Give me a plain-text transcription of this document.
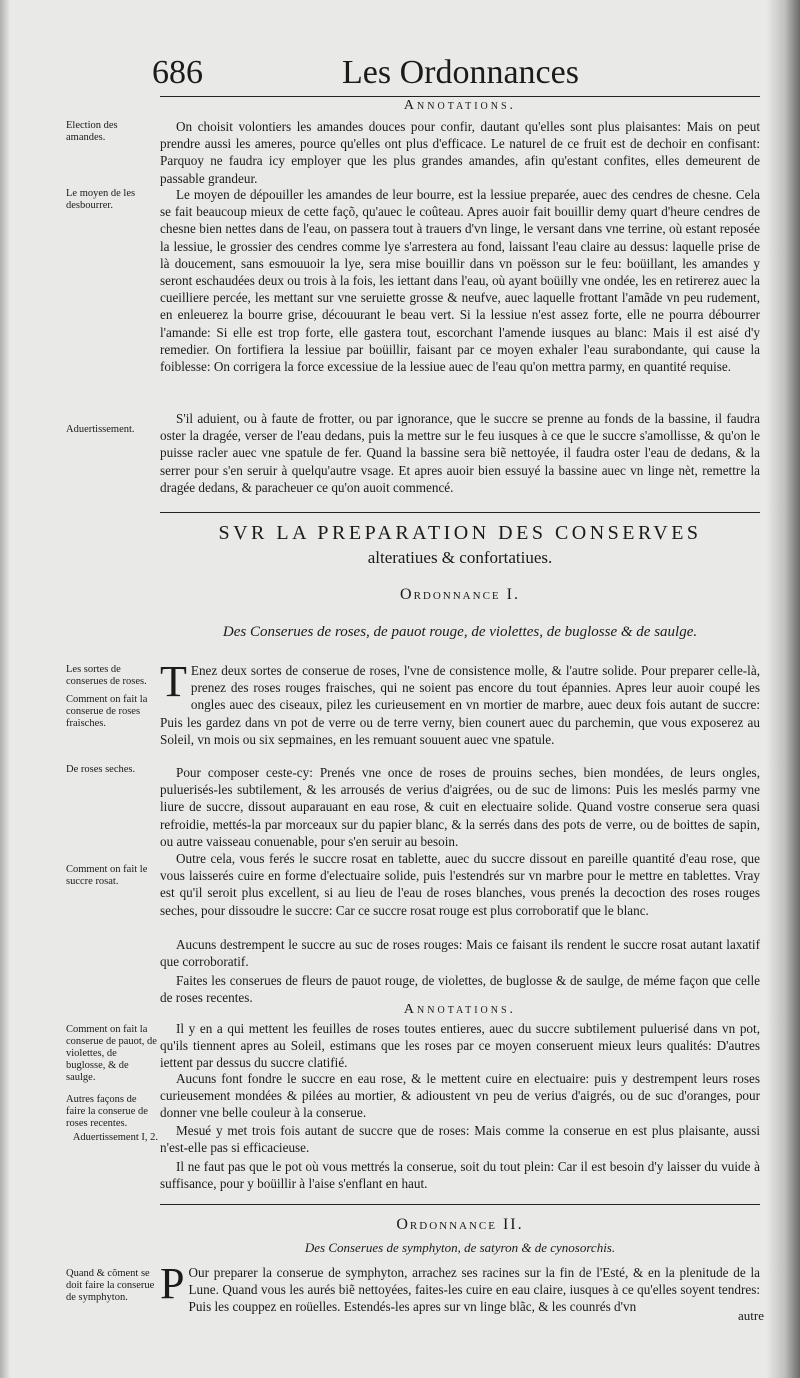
686	Les Ordonnances
Annotations.
Election des amandes.

On choisit volontiers les amandes douces pour confir, dautant qu'elles sont plus plaisantes: Mais on peut prendre aussi les ameres, pource qu'elles ont plus d'efficace. Le naturel de ce fruit est de dechoir en confisant: Parquoy ne faudra icy employer que les plus grandes amandes, afin qu'estant confites, elles demeurent de passable grandeur.

Le moyen de les desbourrer.

Le moyen de dépouiller les amandes de leur bourre, est la lessiue preparée, auec des cendres de chesne. Cela se fait beaucoup mieux de cette façõ, qu'auec le coûteau. Apres auoir fait bouillir demy quart d'heure cendres de chesne bien nettes dans de l'eau, on passera tout à trauers d'vn linge, le versant dans vne terrine, où estant reposée la lessiue, le grossier des cendres comme lye s'arrestera au fond, laissant l'eau claire au dessus: laquelle prise de là doucement, sans esmouuoir la lye, sera mise bouillir dans vn poësson sur le feu: boüillant, les amandes y seront eschaudées deux ou trois à la fois, les iettant dans l'eau, où ayant boüilly vne ondée, les en retirerez auec la cueilliere percée, les mettant sur vne seruiette grosse & neufve, auec laquelle frottant l'amãde vn peu rudement, en enleuerez la bourre grise, découurant le beau vert. Si la lessiue n'est assez forte, elle ne pourra débourrer l'amande: Si elle est trop forte, elle gastera tout, escorchant l'amende iusques au blanc: Mais il est aisé d'y remedier. On fortifiera la lessiue par boüillir, faisant par ce moyen exhaler l'eau surabondante, qui cause la foiblesse: On corrigera la force excessiue de la lessiue auec de l'eau qu'on mettra parmy, en quantité requise.

Aduertissement.

S'il aduient, ou à faute de frotter, ou par ignorance, que le succre se prenne au fonds de la bassine, il faudra oster la dragée, verser de l'eau dedans, puis la mettre sur le feu iusques à ce que le succre s'amollisse, & qu'on le puisse racler auec vne spatule de fer. Quand la bassine sera biẽ nettoyée, il faudra oster l'eau de dedans, & la serrer pour s'en seruir à quelqu'autre vsage. Et apres auoir bien essuyé la bassine auec vn linge nèt, remettre la dragée dedans, & paracheuer ce qu'on auoit commencé.

SVR LA PREPARATION DES CONSERVES
alteratiues & confortatiues.
Ordonnance I.
Des Conserues de roses, de pauot rouge, de violettes, de buglosse & de saulge.
Les sortes de conserues de roses.
Comment on fait la conserue de roses fraisches.

TEnez deux sortes de conserue de roses, l'vne de consistence molle, & l'autre solide. Pour preparer celle-là, prenez des roses rouges fraisches, qui ne soient pas encore du tout épannies. Apres leur auoir coupé les ongles auec des ciseaux, pilez les curieusement en vn mortier de marbre, auec deux fois autant de succre: Puis les gardez dans vn pot de verre ou de terre verny, bien counert auec du parchemin, que vous exposerez au Soleil, vn mois ou six sepmaines, en les remuant souuent auec vne spatule.

De roses seches.	Pour composer ceste-cy: Prenés vne once de roses de prouins seches, bien mondées, de leurs ongles, puluerisés-les subtilement, & les arrousés de verius d'aigrées, ou de suc de limons: Puis les meslés parmy vne liure de succre, dissout auparauant en eau rose, & cuit en electuaire solide. Quand vostre conserue sera quasi refroidie, mettés-la par morceaux sur du papier blanc, & la serrés dans des pots de verre, ou de boittes de sapin, ou autre vaisseau conuenable, pour s'en seruir au besoin.

Comment on fait le succre rosat.

Outre cela, vous ferés le succre rosat en tablette, auec du succre dissout en pareille quantité d'eau rose, que vous laisserés cuire en forme d'electuaire solide, puis l'estendrés sur vn marbre pour le mettre en tablettes. Vray est qu'il seroit plus excellent, si au lieu de l'eau de roses blanches, vous prenés la decoction des roses rouges seches, pour dissoudre le succre: Car ce succre rosat rouge est plus corroboratif que le blanc.

Aucuns destrempent le succre au suc de roses rouges: Mais ce faisant ils rendent le succre rosat autant laxatif que corroboratif.

Faites les conserues de fleurs de pauot rouge, de violettes, de buglosse & de saulge, de méme façon que celle de roses recentes.

Annotations.
Comment on fait la conserue de pauot, de violettes, de buglosse, & de saulge.

Il y en a qui mettent les feuilles de roses toutes entieres, auec du succre subtilement puluerisé dans vn pot, qu'ils tiennent apres au Soleil, estimans que les roses par ce moyen conseruent mieux leurs qualités: D'autres iettent par dessus du succre clatifié.

Autres façons de faire la conserue de roses recentes.

Aucuns font fondre le succre en eau rose, & le mettent cuire en electuaire: puis y destrempent leurs roses curieusement mondées & pilées au mortier, & adioustent vn peu de verius d'aigrés, ou de suc d'oranges, pour donner vne belle couleur à la conserue.

Aduertissement I, 2.	Mesué y met trois fois autant de succre que de roses: Mais comme la conserue en est plus plaisante, aussi n'est-elle pas si efficacieuse.

Il ne faut pas que le pot où vous mettrés la conserue, soit du tout plein: Car il est besoin d'y laisser du vuide à suffisance, pour y boüillir à l'aise s'enflant en haut.

Ordonnance II.
Des Conserues de symphyton, de satyron & de cynosorchis.
Quand & cõment se doit faire la conserue de symphyton.	POur preparer la conserue de symphyton, arrachez ses racines sur la fin de l'Esté, & en la plenitude de la Lune. Quand vous les aurés biẽ nettoyées, faites-les cuire en eau claire, iusques à ce qu'elles soyent tendres: Puis les couppez en roüelles. Estendés-les apres sur vn linge blãc, & les counrés d'vn

autre
